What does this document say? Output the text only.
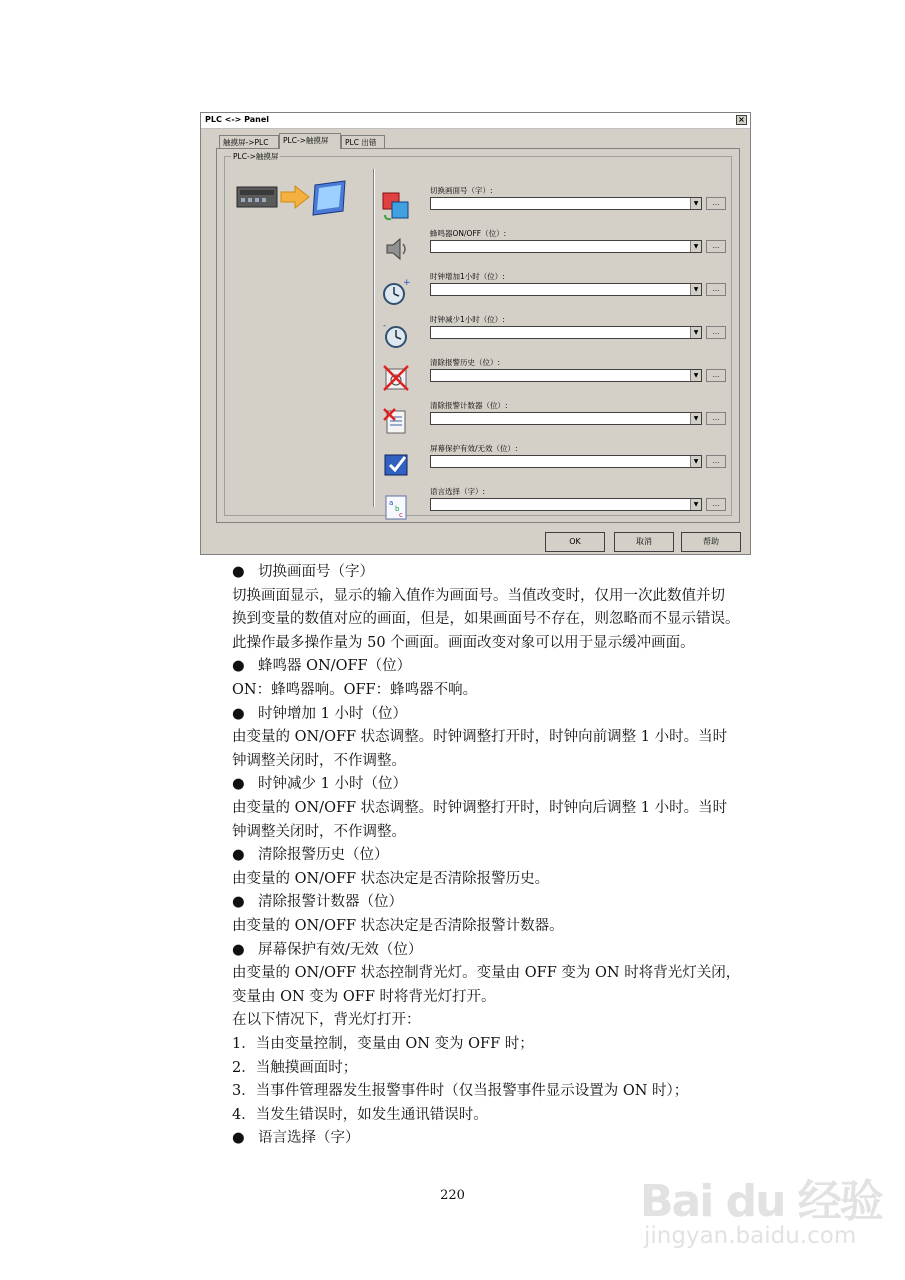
PLC <-> Panel	×
触摸屏->PLC	PLC->触摸屏	PLC 出错
PLC->触摸屏
切换画面号（字）:
▼	...
蜂鸣器ON/OFF（位）:
▼	...
+
时钟增加1小时（位）:
▼	...
-
时钟减少1小时（位）:
▼	...
清除报警历史（位）:
▼	...
清除报警计数器（位）:
▼	...
屏幕保护有效/无效（位）:
▼	...
a
b
c
语言选择（字）:
▼	...
OK	取消	帮助
● 切换画面号（字）
切换画面显示，显示的输入值作为画面号。当值改变时，仅用一次此数值并切
换到变量的数值对应的画面，但是，如果画面号不存在，则忽略而不显示错误。
此操作最多操作量为 50 个画面。画面改变对象可以用于显示缓冲画面。
● 蜂鸣器 ON/OFF（位）
ON：蜂鸣器响。OFF：蜂鸣器不响。
● 时钟增加 1 小时（位）
由变量的 ON/OFF 状态调整。时钟调整打开时，时钟向前调整 1 小时。当时
钟调整关闭时，不作调整。
● 时钟减少 1 小时（位）
由变量的 ON/OFF 状态调整。时钟调整打开时，时钟向后调整 1 小时。当时
钟调整关闭时，不作调整。
● 清除报警历史（位）
由变量的 ON/OFF 状态决定是否清除报警历史。
● 清除报警计数器（位）
由变量的 ON/OFF 状态决定是否清除报警计数器。
● 屏幕保护有效/无效（位）
由变量的 ON/OFF 状态控制背光灯。变量由 OFF 变为 ON 时将背光灯关闭，
变量由 ON 变为 OFF 时将背光灯打开。
在以下情况下，背光灯打开：
1．当由变量控制，变量由 ON 变为 OFF 时；
2．当触摸画面时；
3．当事件管理器发生报警事件时（仅当报警事件显示设置为 ON 时）；
4．当发生错误时，如发生通讯错误时。
● 语言选择（字）
220	Bai du 经验
jingyan.baidu.com
